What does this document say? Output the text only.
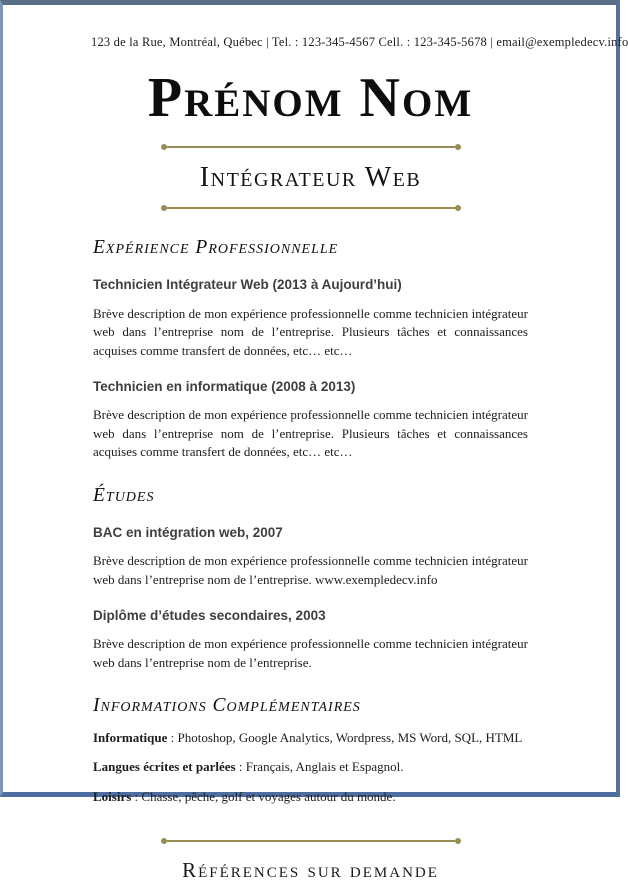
123 de la Rue, Montréal, Québec | Tel. : 123-345-4567 Cell. : 123-345-5678 | email@exempledecv.info
Prénom Nom
Intégrateur Web
Expérience Professionnelle
Technicien Intégrateur Web (2013 à Aujourd’hui)
Brève description de mon expérience professionnelle comme technicien intégrateur web dans l’entreprise nom de l’entreprise. Plusieurs tâches et connaissances acquises comme transfert de données, etc… etc…
Technicien en informatique (2008 à 2013)
Brève description de mon expérience professionnelle comme technicien intégrateur web dans l’entreprise nom de l’entreprise. Plusieurs tâches et connaissances acquises comme transfert de données, etc… etc…
Études
BAC en intégration web, 2007
Brève description de mon expérience professionnelle comme technicien intégrateur web dans l’entreprise nom de l’entreprise. www.exempledecv.info
Diplôme d’études secondaires, 2003
Brève description de mon expérience professionnelle comme technicien intégrateur web dans l’entreprise nom de l’entreprise.
Informations Complémentaires
Informatique : Photoshop, Google Analytics, Wordpress, MS Word, SQL, HTML
Langues écrites et parlées : Français, Anglais et Espagnol.
Loisirs : Chasse, pêche, golf et voyages autour du monde.
Références sur demande
